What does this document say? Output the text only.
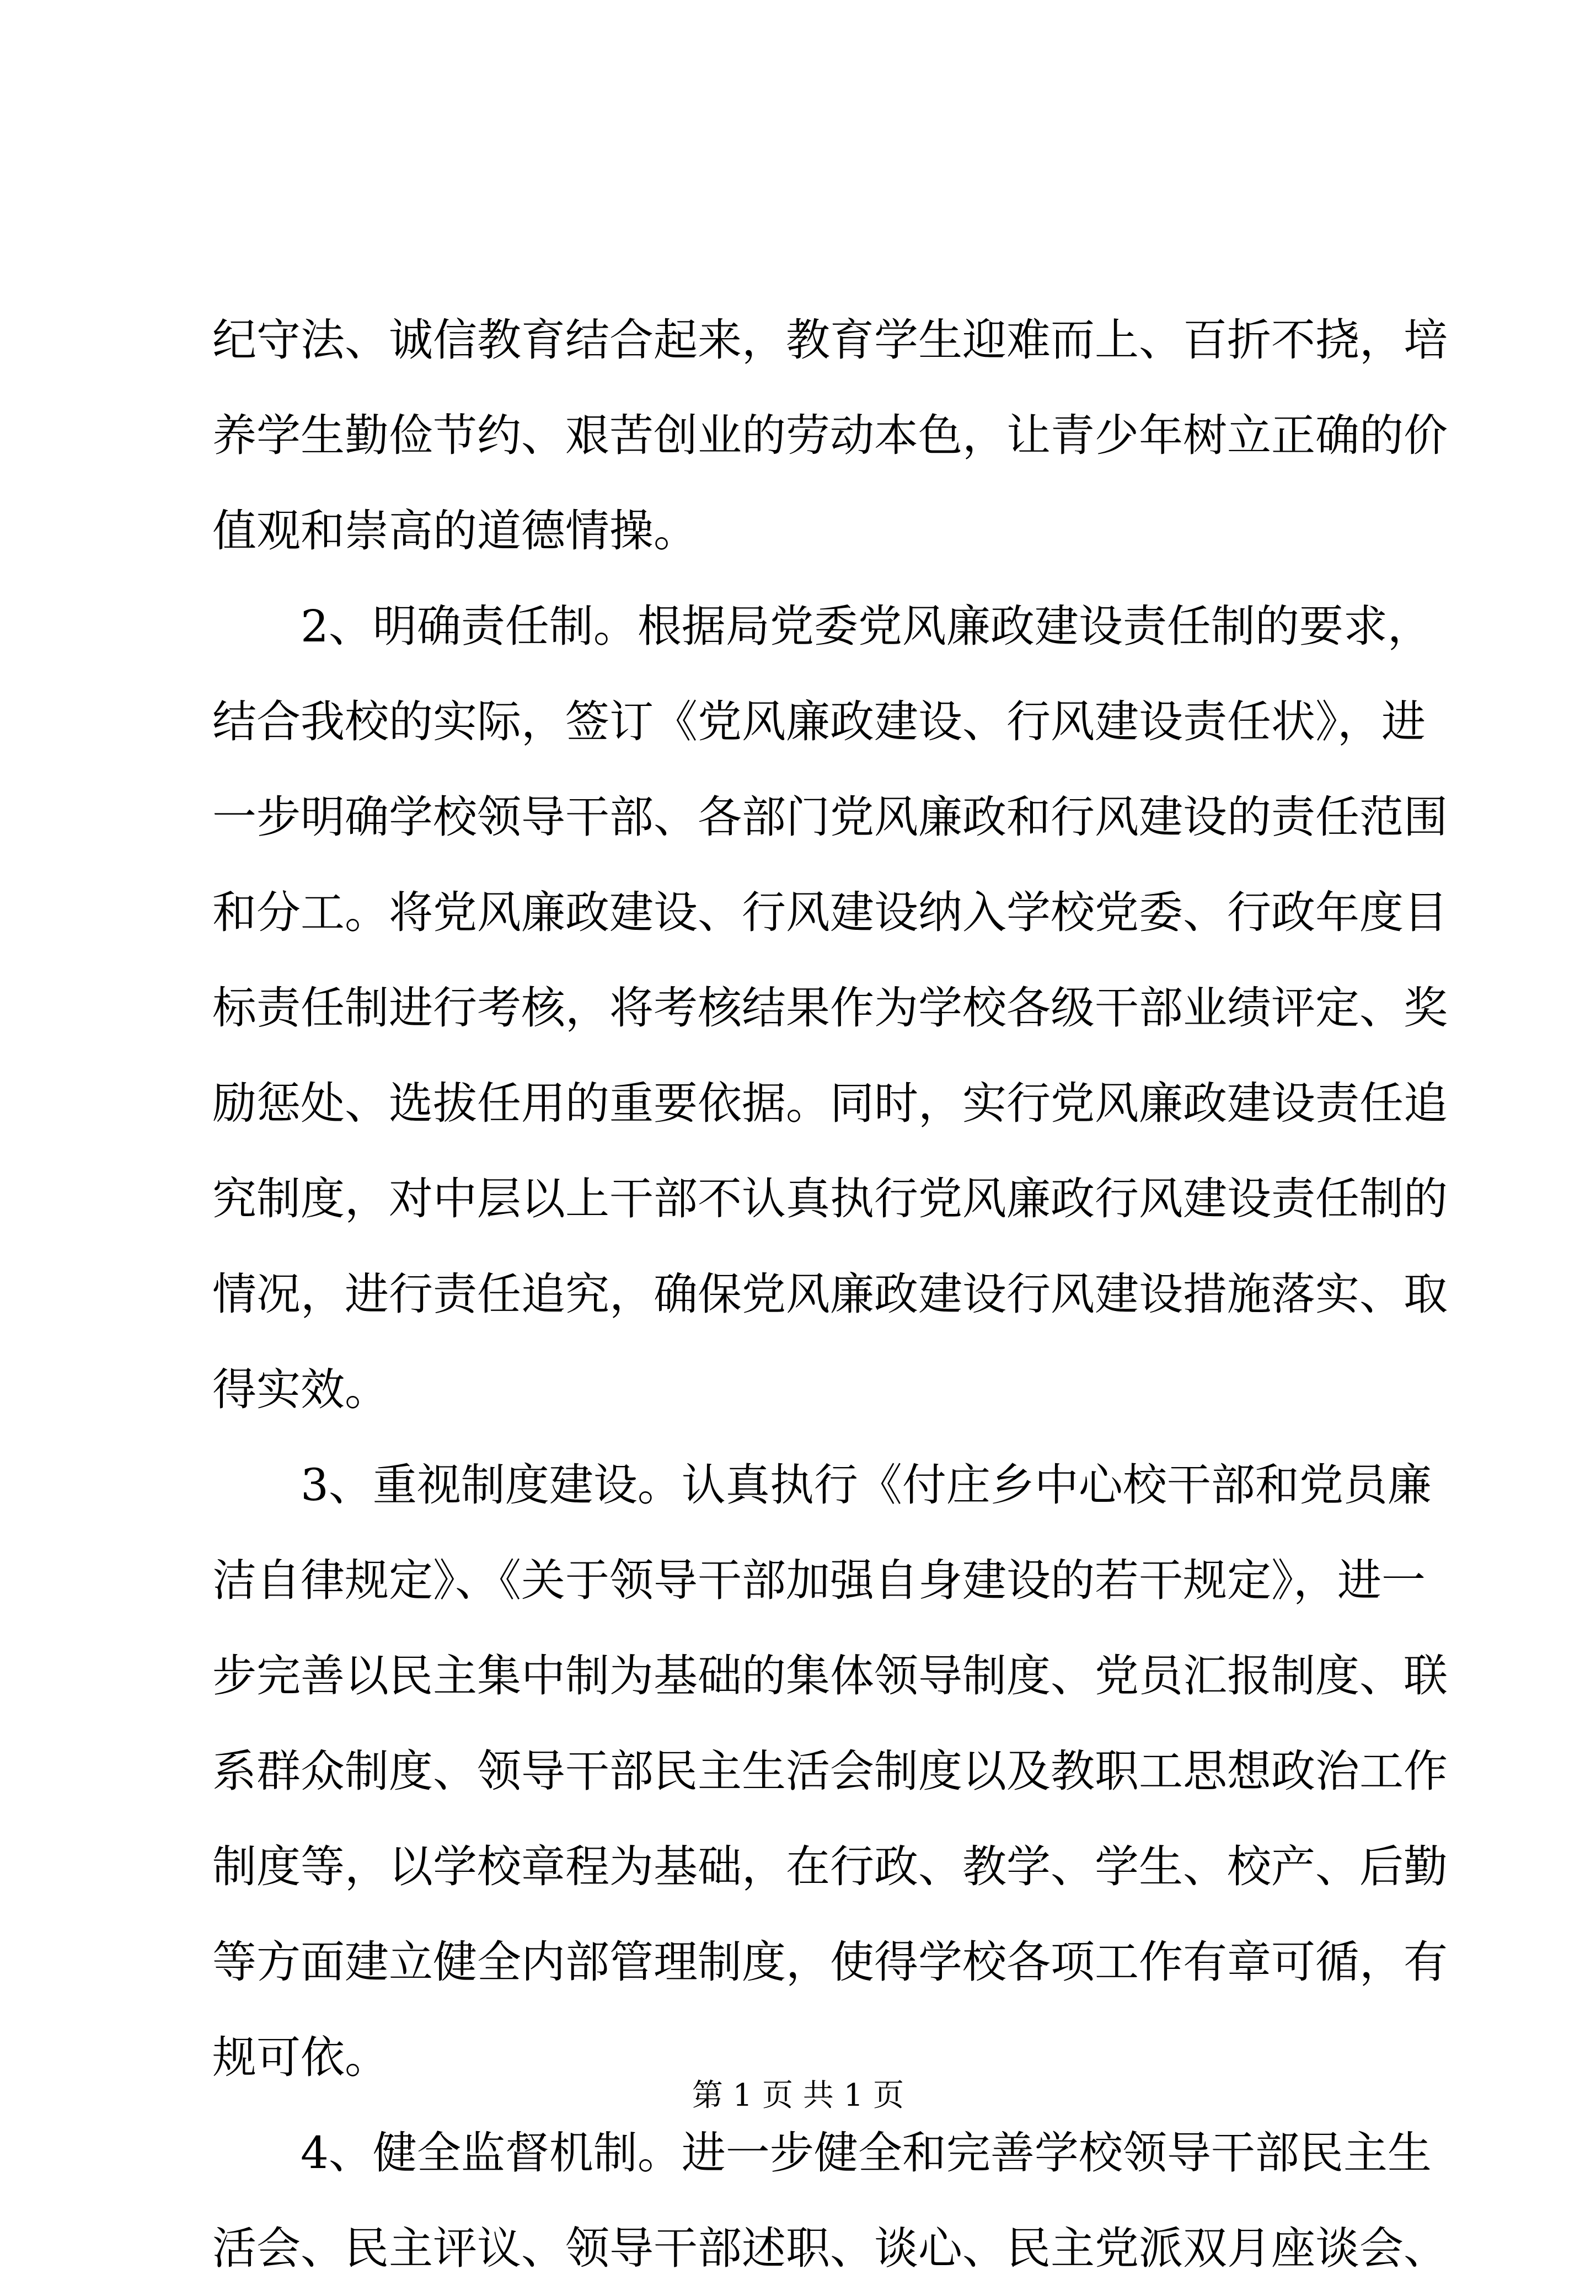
纪守法、诚信教育结合起来，教育学生迎难而上、百折不挠，培
养学生勤俭节约、艰苦创业的劳动本色，让青少年树立正确的价
值观和崇高的道德情操。
2、明确责任制。根据局党委党风廉政建设责任制的要求，
结合我校的实际，签订《党风廉政建设、行风建设责任状》，进
一步明确学校领导干部、各部门党风廉政和行风建设的责任范围
和分工。将党风廉政建设、行风建设纳入学校党委、行政年度目
标责任制进行考核，将考核结果作为学校各级干部业绩评定、奖
励惩处、选拔任用的重要依据。同时，实行党风廉政建设责任追
究制度，对中层以上干部不认真执行党风廉政行风建设责任制的
情况，进行责任追究，确保党风廉政建设行风建设措施落实、取
得实效。
3、重视制度建设。认真执行《付庄乡中心校干部和党员廉
洁自律规定》、《关于领导干部加强自身建设的若干规定》，进一
步完善以民主集中制为基础的集体领导制度、党员汇报制度、联
系群众制度、领导干部民主生活会制度以及教职工思想政治工作
制度等，以学校章程为基础，在行政、教学、学生、校产、后勤
等方面建立健全内部管理制度，使得学校各项工作有章可循，有
规可依。
4、健全监督机制。进一步健全和完善学校领导干部民主生
活会、民主评议、领导干部述职、谈心、民主党派双月座谈会、
第 1 页 共 1 页
